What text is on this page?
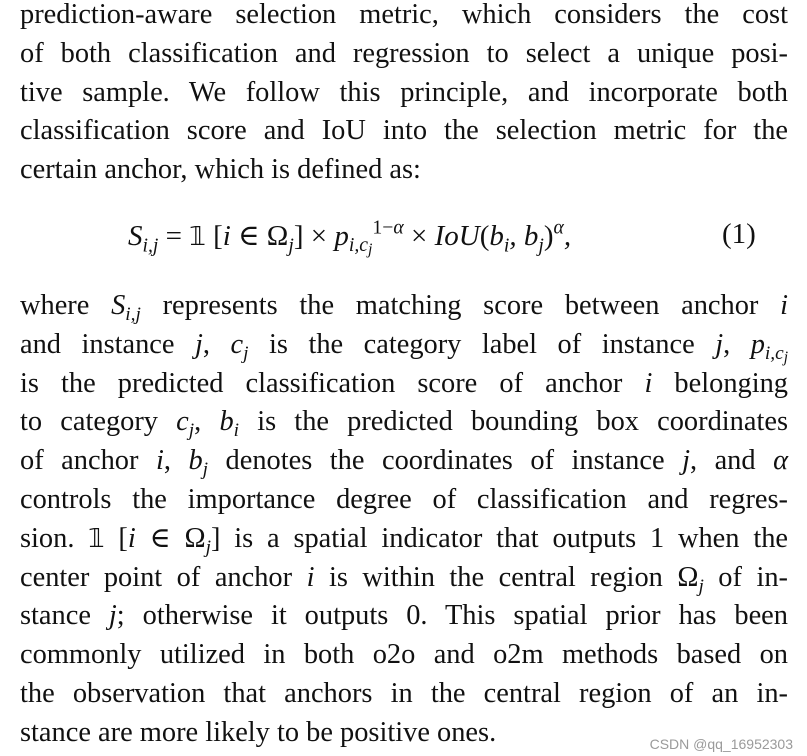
prediction-aware selection metric, which considers the cost
of both classification and regression to select a unique posi-
tive sample. We follow this principle, and incorporate both
classification score and IoU into the selection metric for the
certain anchor, which is defined as:
$S_{i,j}$ = 𝟙 [i ∈ $\Omega_j] \times p_{i,c_j}^{1-\alpha} \times IoU(b_i$, $b_j)^\alpha$,	(1)
where $S_{i,j}$ represents the matching score between anchor i
and instance j, $c_j$ is the category label of instance j, $p_{i,c_j}$
is the predicted classification score of anchor i belonging
to category $c_j$, $b_i$ is the predicted bounding box coordinates
of anchor i, $b_j$ denotes the coordinates of instance j, and α
controls the importance degree of classification and regres-
sion. 𝟙 [i ∈ $\Omega_j$] is a spatial indicator that outputs 1 when the
center point of anchor i is within the central region $\Omega_j$ of in-
stance j; otherwise it outputs 0. This spatial prior has been
commonly utilized in both o2o and o2m methods based on
the observation that anchors in the central region of an in-
stance are more likely to be positive ones.	CSDN @qq_16952303
